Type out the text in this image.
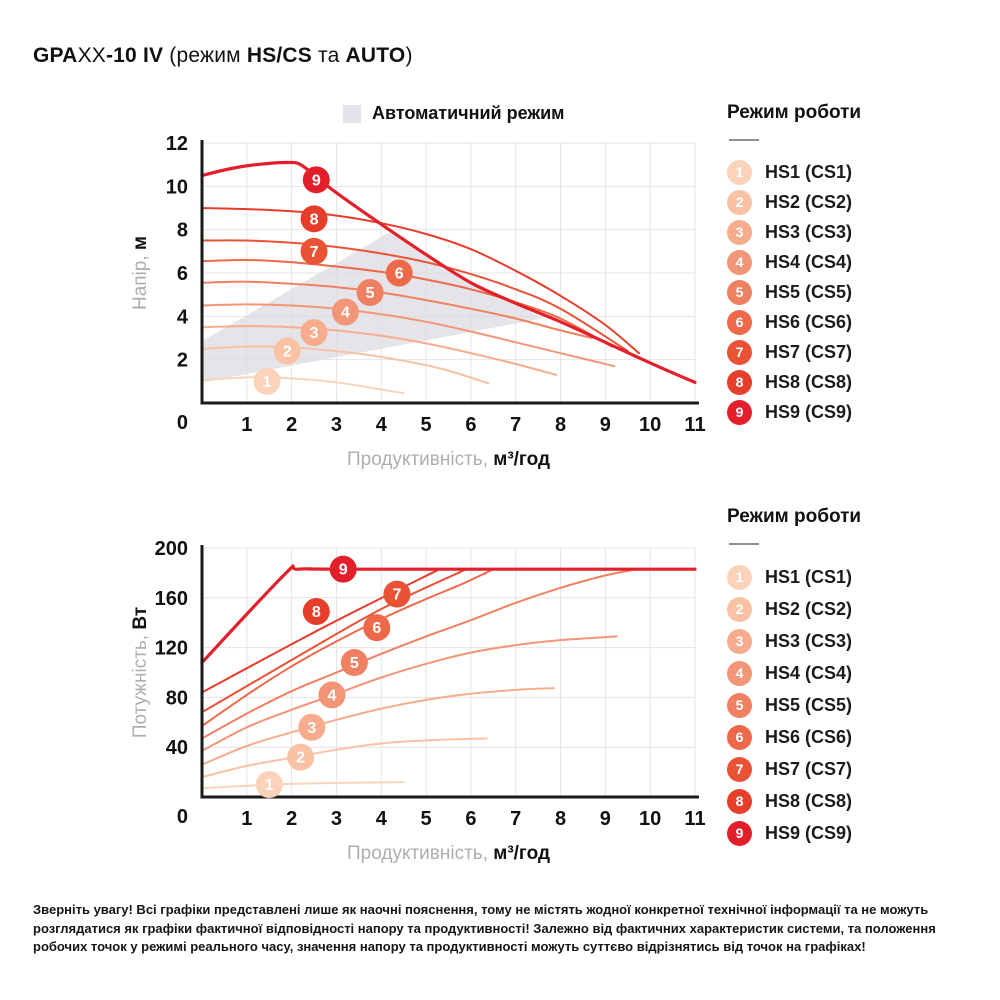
GPAXX-10 IV (режим HS/CS та AUTO)
Автоматичний режим
1
2
3
4
5
6
7
8
9
1 2 3 4 5 6 7 8 9 10 11
0
2
4
6
8
10
12
Продуктивність, м³/год
Напір, м
1
2
3
4
5
6
7
8
9
1 2 3 4 5 6 7 8 9 10 11
0
40
80
120
160
200
Продуктивність, м³/год
Потужність, Вт
Режим роботи
1	HS1 (CS1)
2	HS2 (CS2)
3	HS3 (CS3)
4	HS4 (CS4)
5	HS5 (CS5)
6	HS6 (CS6)
7	HS7 (CS7)
8	HS8 (CS8)
9	HS9 (CS9)
Режим роботи
1	HS1 (CS1)
2	HS2 (CS2)
3	HS3 (CS3)
4	HS4 (CS4)
5	HS5 (CS5)
6	HS6 (CS6)
7	HS7 (CS7)
8	HS8 (CS8)
9	HS9 (CS9)
Зверніть увагу! Всі графіки представлені лише як наочні пояснення, тому не містять жодної конкретної технічної інформації та не можуть розглядатися як графіки фактичної відповідності напору та продуктивності! Залежно від фактичних характеристик системи, та положення робочих точок у режимі реального часу, значення напору та продуктивності можуть суттєво відрізнятись від точок на графіках!
